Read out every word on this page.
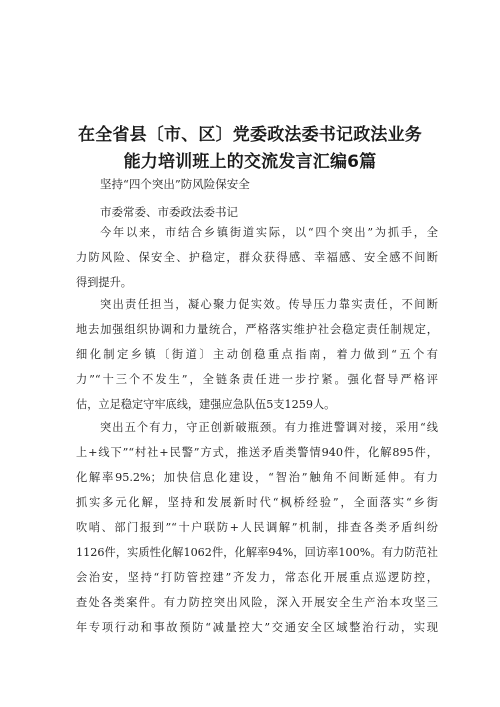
在全省县〔市、区〕党委政法委书记政法业务
能力培训班上的交流发言汇编6篇
坚持“四个突出”防风险保安全
市委常委、市委政法委书记
今年以来，市结合乡镇街道实际，以“四个突出”为抓手，全
力防风险、保安全、护稳定，群众获得感、幸福感、安全感不间断
得到提升。
突出责任担当，凝心聚力促实效。传导压力靠实责任，不间断
地去加强组织协调和力量统合，严格落实维护社会稳定责任制规定，
细化制定乡镇〔街道〕主动创稳重点指南，着力做到“五个有
力”“十三个不发生”，全链条责任进一步拧紧。强化督导严格评
估，立足稳定守牢底线，建强应急队伍5支1259人。
突出五个有力，守正创新破瓶颈。有力推进警调对接，采用“线
上+线下”“村社+民警”方式，推送矛盾类警情940件，化解895件，
化解率95.2%；加快信息化建设，“智治”触角不间断延伸。有力
抓实多元化解，坚持和发展新时代“枫桥经验”，全面落实“乡街
吹哨、部门报到”“十户联防+人民调解”机制，排查各类矛盾纠纷
1126件，实质性化解1062件，化解率94%，回访率100%。有力防范社
会治安，坚持“打防管控建”齐发力，常态化开展重点巡逻防控，
查处各类案件。有力防控突出风险，深入开展安全生产治本攻坚三
年专项行动和事故预防“减量控大”交通安全区域整治行动，实现
